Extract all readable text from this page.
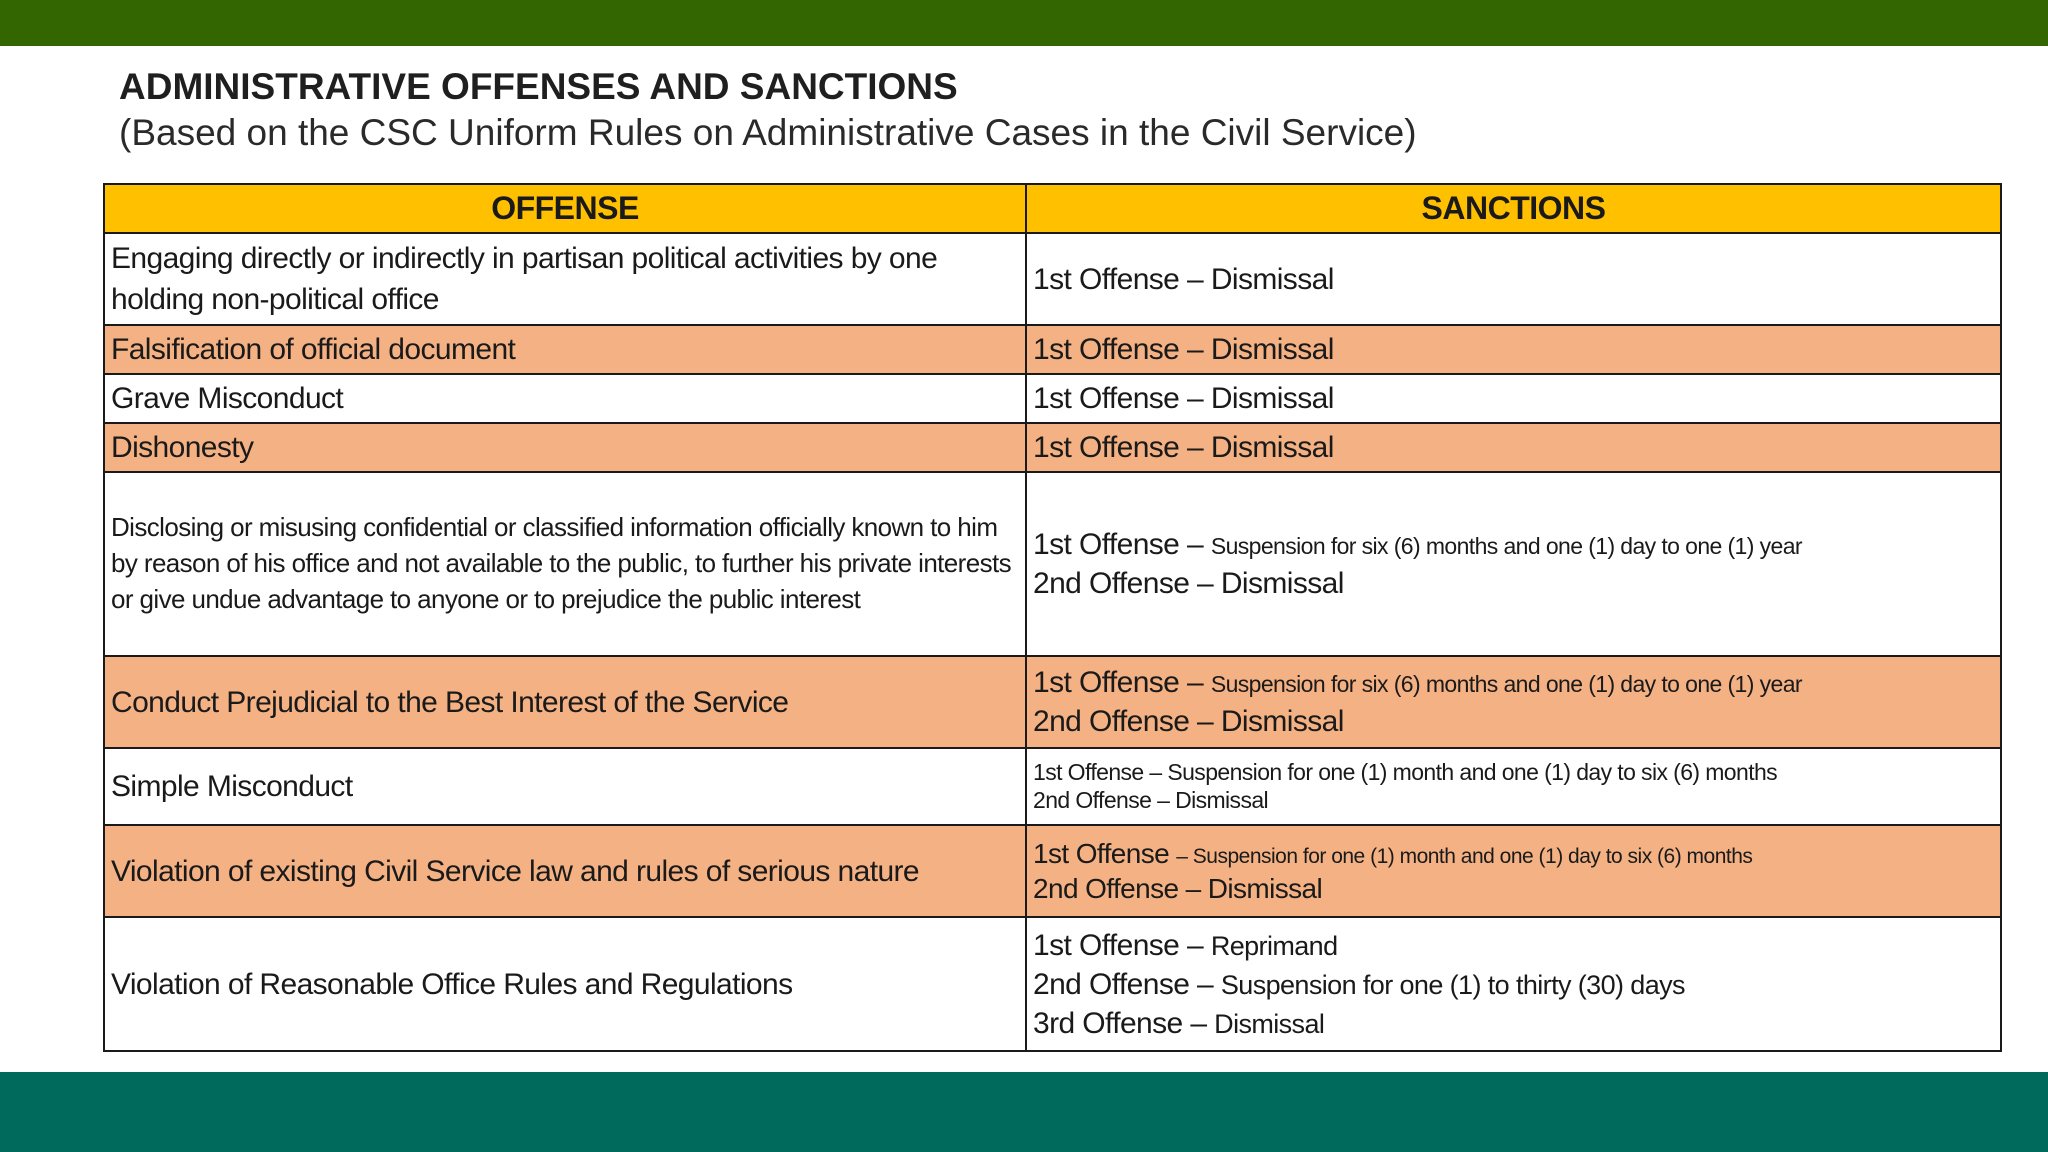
ADMINISTRATIVE OFFENSES AND SANCTIONS
(Based on the CSC Uniform Rules on Administrative Cases in the Civil Service)
OFFENSE	SANCTIONS
Engaging directly or indirectly in partisan political activities by one holding non-political office	1st Offense – Dismissal

Falsification of official document	1st Offense – Dismissal

Grave Misconduct	1st Offense – Dismissal

Dishonesty	1st Offense – Dismissal

Disclosing or misusing confidential or classified information officially known to him by reason of his office and not available to the public, to further his private interests or give undue advantage to anyone or to prejudice the public interest	1st Offense – Suspension for six (6) months and one (1) day to one (1) year
2nd Offense – Dismissal

Conduct Prejudicial to the Best Interest of the Service	1st Offense – Suspension for six (6) months and one (1) day to one (1) year
2nd Offense – Dismissal

Simple Misconduct	1st Offense – Suspension for one (1) month and one (1) day to six (6) months
2nd Offense – Dismissal

Violation of existing Civil Service law and rules of serious nature	1st Offense – Suspension for one (1) month and one (1) day to six (6) months
2nd Offense – Dismissal

Violation of Reasonable Office Rules and Regulations	1st Offense – Reprimand
2nd Offense – Suspension for one (1) to thirty (30) days
3rd Offense – Dismissal
